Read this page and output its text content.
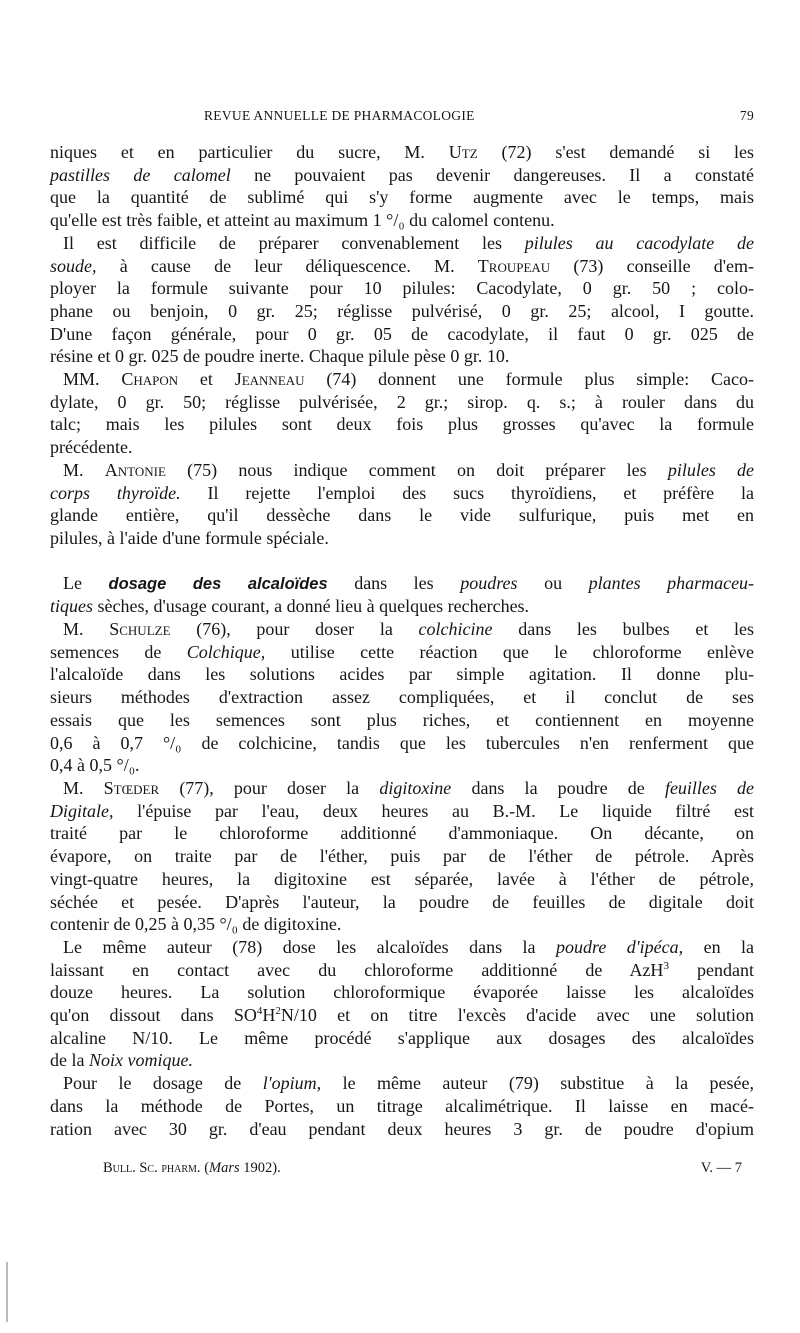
REVUE ANNUELLE DE PHARMACOLOGIE	79

niques et en particulier du sucre, M. Utz (72) s'est demandé si les

pastilles de calomel ne pouvaient pas devenir dangereuses. Il a constaté

que la quantité de sublimé qui s'y forme augmente avec le temps, mais

qu'elle est très faible, et atteint au maximum 1 °/₀ du calomel contenu.

Il est difficile de préparer convenablement les pilules au cacodylate de

soude, à cause de leur déliquescence. M. Troupeau (73) conseille d'em-

ployer la formule suivante pour 10 pilules: Cacodylate, 0 gr. 50 ; colo-

phane ou benjoin, 0 gr. 25; réglisse pulvérisé, 0 gr. 25; alcool, I goutte.

D'une façon générale, pour 0 gr. 05 de cacodylate, il faut 0 gr. 025 de

résine et 0 gr. 025 de poudre inerte. Chaque pilule pèse 0 gr. 10.

MM. Chapon et Jeanneau (74) donnent une formule plus simple: Caco-

dylate, 0 gr. 50; réglisse pulvérisée, 2 gr.; sirop. q. s.; à rouler dans du

talc; mais les pilules sont deux fois plus grosses qu'avec la formule

précédente.

M. Antonie (75) nous indique comment on doit préparer les pilules de

corps thyroïde. Il rejette l'emploi des sucs thyroïdiens, et préfère la

glande entière, qu'il dessèche dans le vide sulfurique, puis met en

pilules, à l'aide d'une formule spéciale.

Le dosage des alcaloïdes dans les poudres ou plantes pharmaceu-

tiques sèches, d'usage courant, a donné lieu à quelques recherches.

M. Schulze (76), pour doser la colchicine dans les bulbes et les

semences de Colchique, utilise cette réaction que le chloroforme enlève

l'alcaloïde dans les solutions acides par simple agitation. Il donne plu-

sieurs méthodes d'extraction assez compliquées, et il conclut de ses

essais que les semences sont plus riches, et contiennent en moyenne

0,6 à 0,7 °/₀ de colchicine, tandis que les tubercules n'en renferment que

0,4 à 0,5 °/₀.

M. Stœder (77), pour doser la digitoxine dans la poudre de feuilles de

Digitale, l'épuise par l'eau, deux heures au B.-M. Le liquide filtré est

traité par le chloroforme additionné d'ammoniaque. On décante, on

évapore, on traite par de l'éther, puis par de l'éther de pétrole. Après

vingt-quatre heures, la digitoxine est séparée, lavée à l'éther de pétrole,

séchée et pesée. D'après l'auteur, la poudre de feuilles de digitale doit

contenir de 0,25 à 0,35 °/₀ de digitoxine.

Le même auteur (78) dose les alcaloïdes dans la poudre d'ipéca, en la

laissant en contact avec du chloroforme additionné de AzH$^3$ pendant

douze heures. La solution chloroformique évaporée laisse les alcaloïdes

qu'on dissout dans $SO^4H^2N/10$ et on titre l'excès d'acide avec une solution

alcaline N/10. Le même procédé s'applique aux dosages des alcaloïdes

de la Noix vomique.

Pour le dosage de l'opium, le même auteur (79) substitue à la pesée,

dans la méthode de Portes, un titrage alcalimétrique. Il laisse en macé-

ration avec 30 gr. d'eau pendant deux heures 3 gr. de poudre d'opium

Bull. Sc. pharm. (Mars 1902).	V. — 7
